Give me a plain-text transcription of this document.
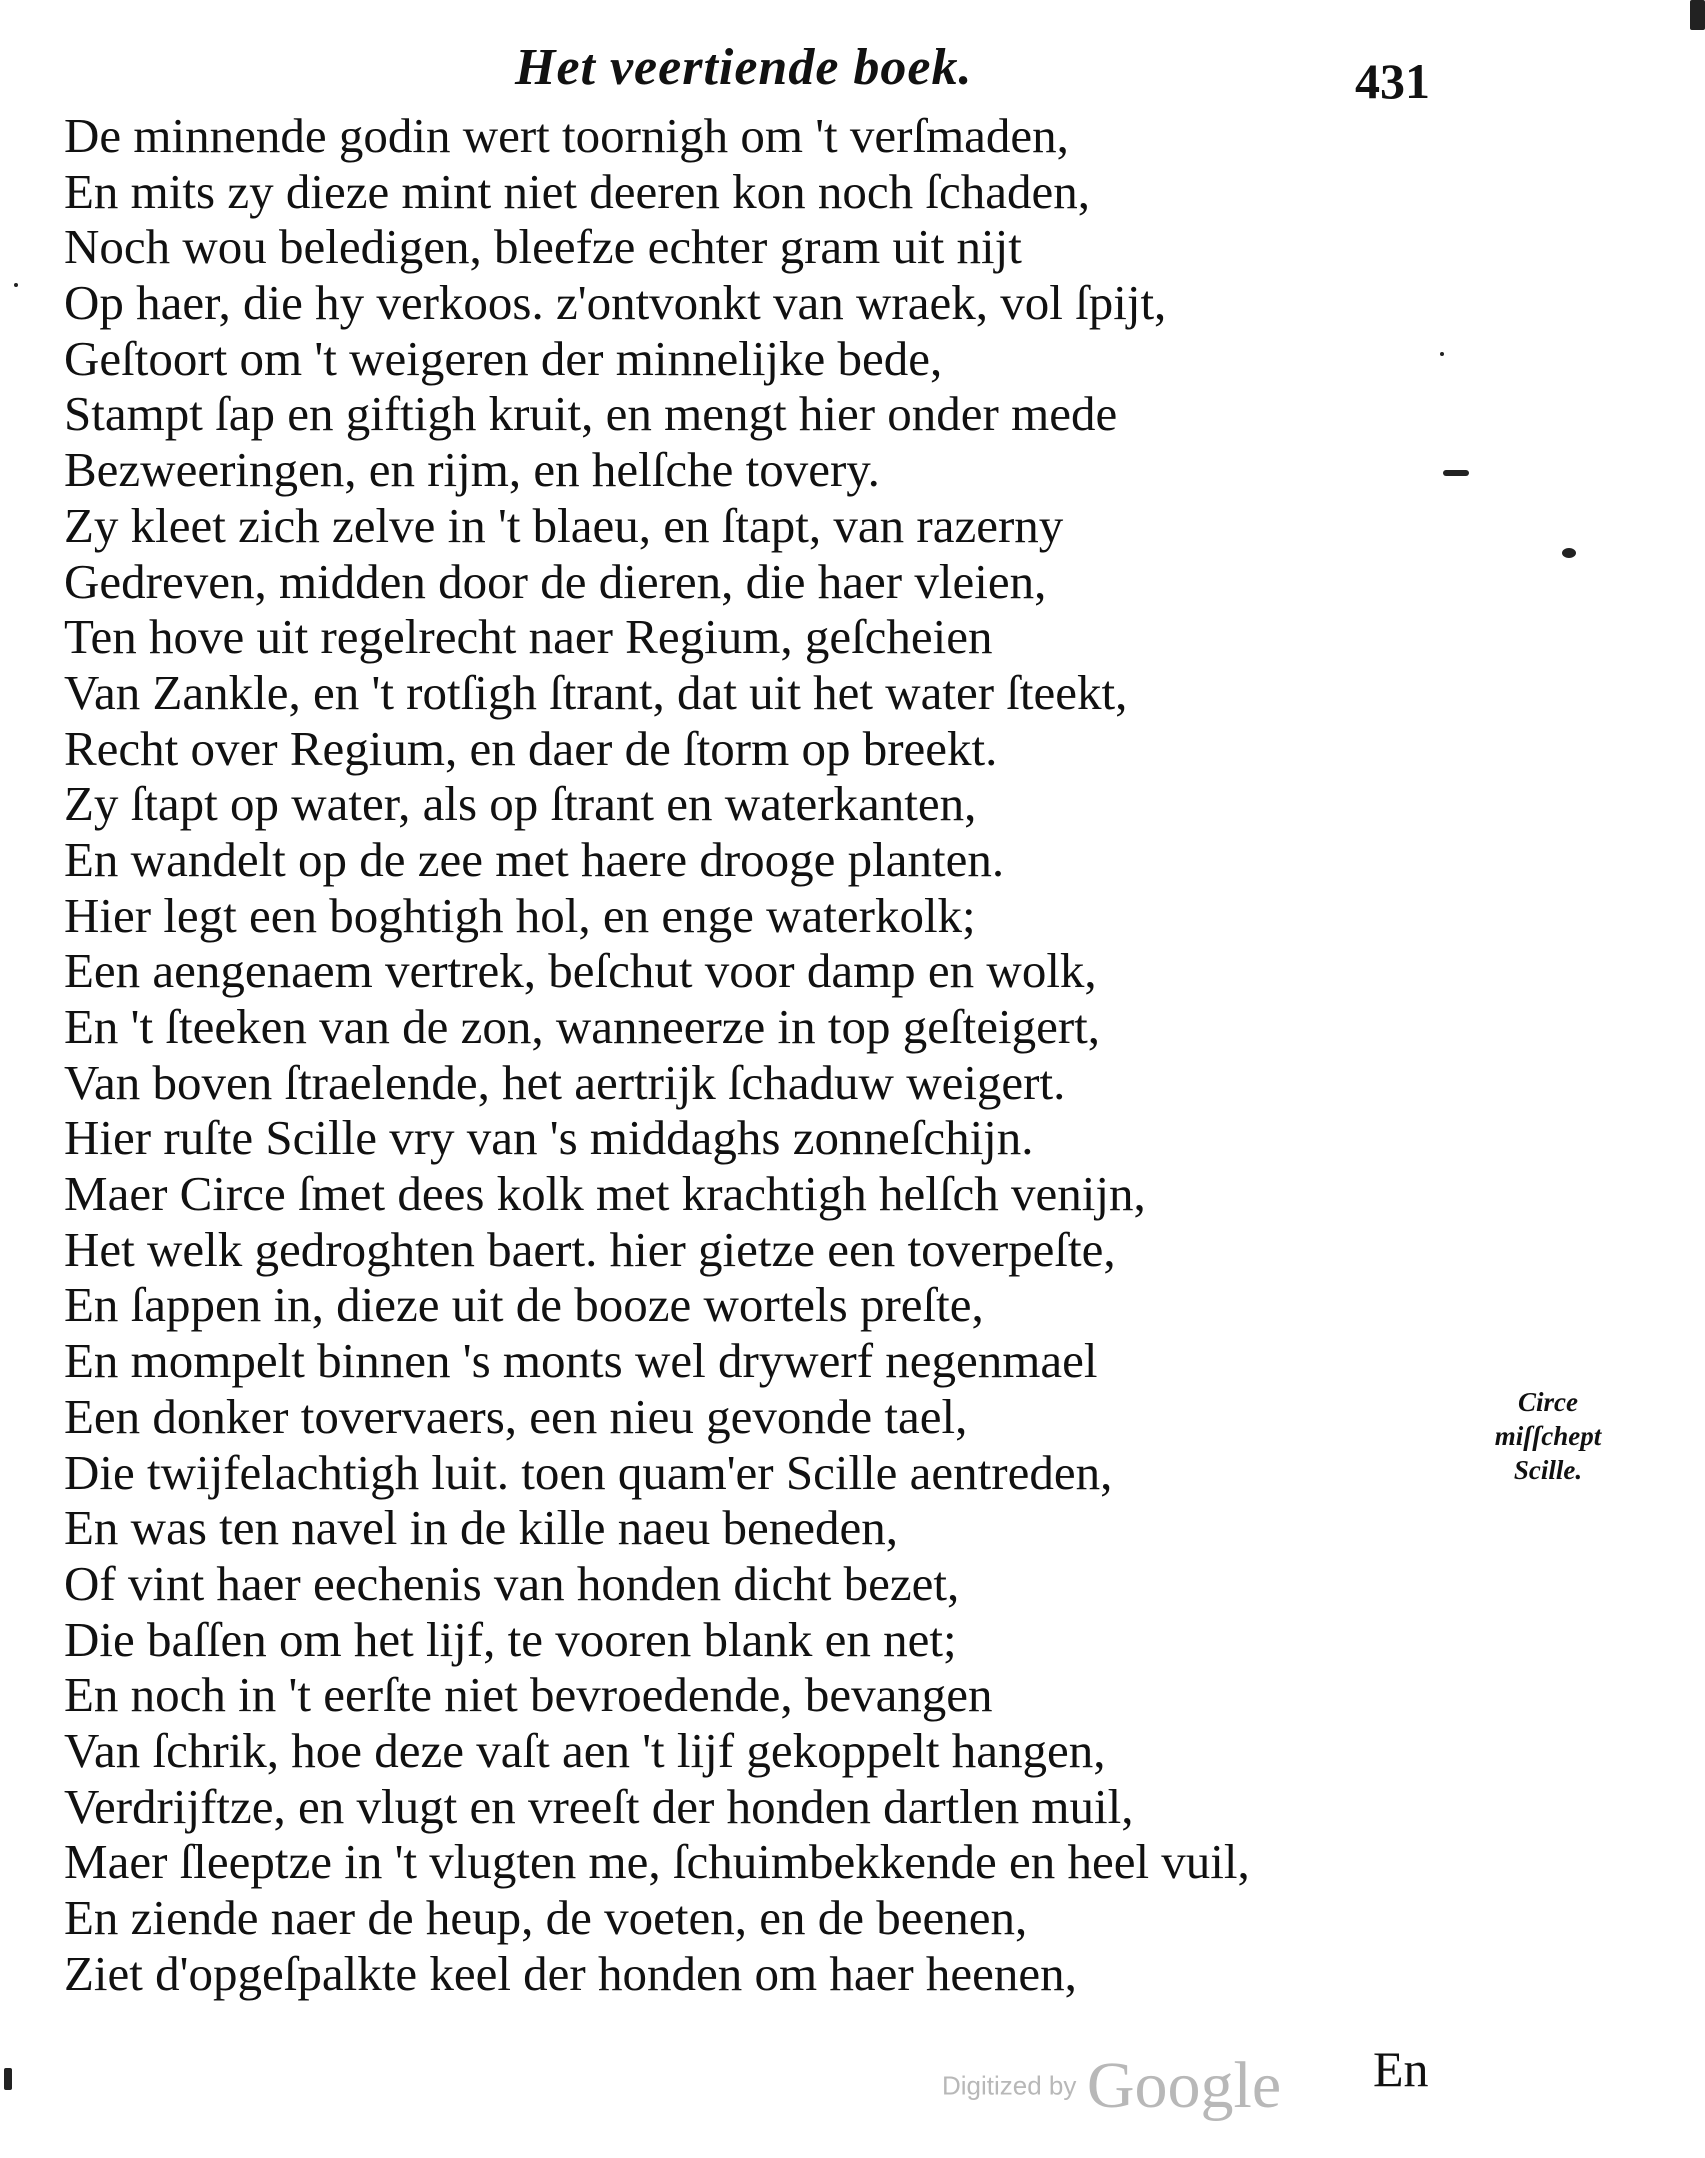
Het veertiende boek.	431
De minnende godin wert toornigh om 't verſmaden,
En mits zy dieze mint niet deeren kon noch ſchaden,
Noch wou beledigen, bleefze echter gram uit nijt
Op haer, die hy verkoos. z'ontvonkt van wraek, vol ſpijt,
Geſtoort om 't weigeren der minnelijke bede,
Stampt ſap en giftigh kruit, en mengt hier onder mede
Bezweeringen, en rijm, en helſche tovery.
Zy kleet zich zelve in 't blaeu, en ſtapt, van razerny
Gedreven, midden door de dieren, die haer vleien,
Ten hove uit regelrecht naer Regium, geſcheien
Van Zankle, en 't rotſigh ſtrant, dat uit het water ſteekt,
Recht over Regium, en daer de ſtorm op breekt.
Zy ſtapt op water, als op ſtrant en waterkanten,
En wandelt op de zee met haere drooge planten.
Hier legt een boghtigh hol, en enge waterkolk;
Een aengenaem vertrek, beſchut voor damp en wolk,
En 't ſteeken van de zon, wanneerze in top geſteigert,
Van boven ſtraelende, het aertrijk ſchaduw weigert.
Hier ruſte Scille vry van 's middaghs zonneſchijn.
Maer Circe ſmet dees kolk met krachtigh helſch venijn,
Het welk gedroghten baert. hier gietze een toverpeſte,
En ſappen in, dieze uit de booze wortels preſte,
En mompelt binnen 's monts wel drywerf negenmael
Een donker tovervaers, een nieu gevonde tael,
Die twijfelachtigh luit. toen quam'er Scille aentreden,
En was ten navel in de kille naeu beneden,
Of vint haer eechenis van honden dicht bezet,
Die baſſen om het lijf, te vooren blank en net;
En noch in 't eerſte niet bevroedende, bevangen
Van ſchrik, hoe deze vaſt aen 't lijf gekoppelt hangen,
Verdrijftze, en vlugt en vreeſt der honden dartlen muil,
Maer ſleeptze in 't vlugten me, ſchuimbekkende en heel vuil,
En ziende naer de heup, de voeten, en de beenen,
Ziet d'opgeſpalkte keel der honden om haer heenen,
Circe
miſſchept
Scille.
En
Digitized by Google
